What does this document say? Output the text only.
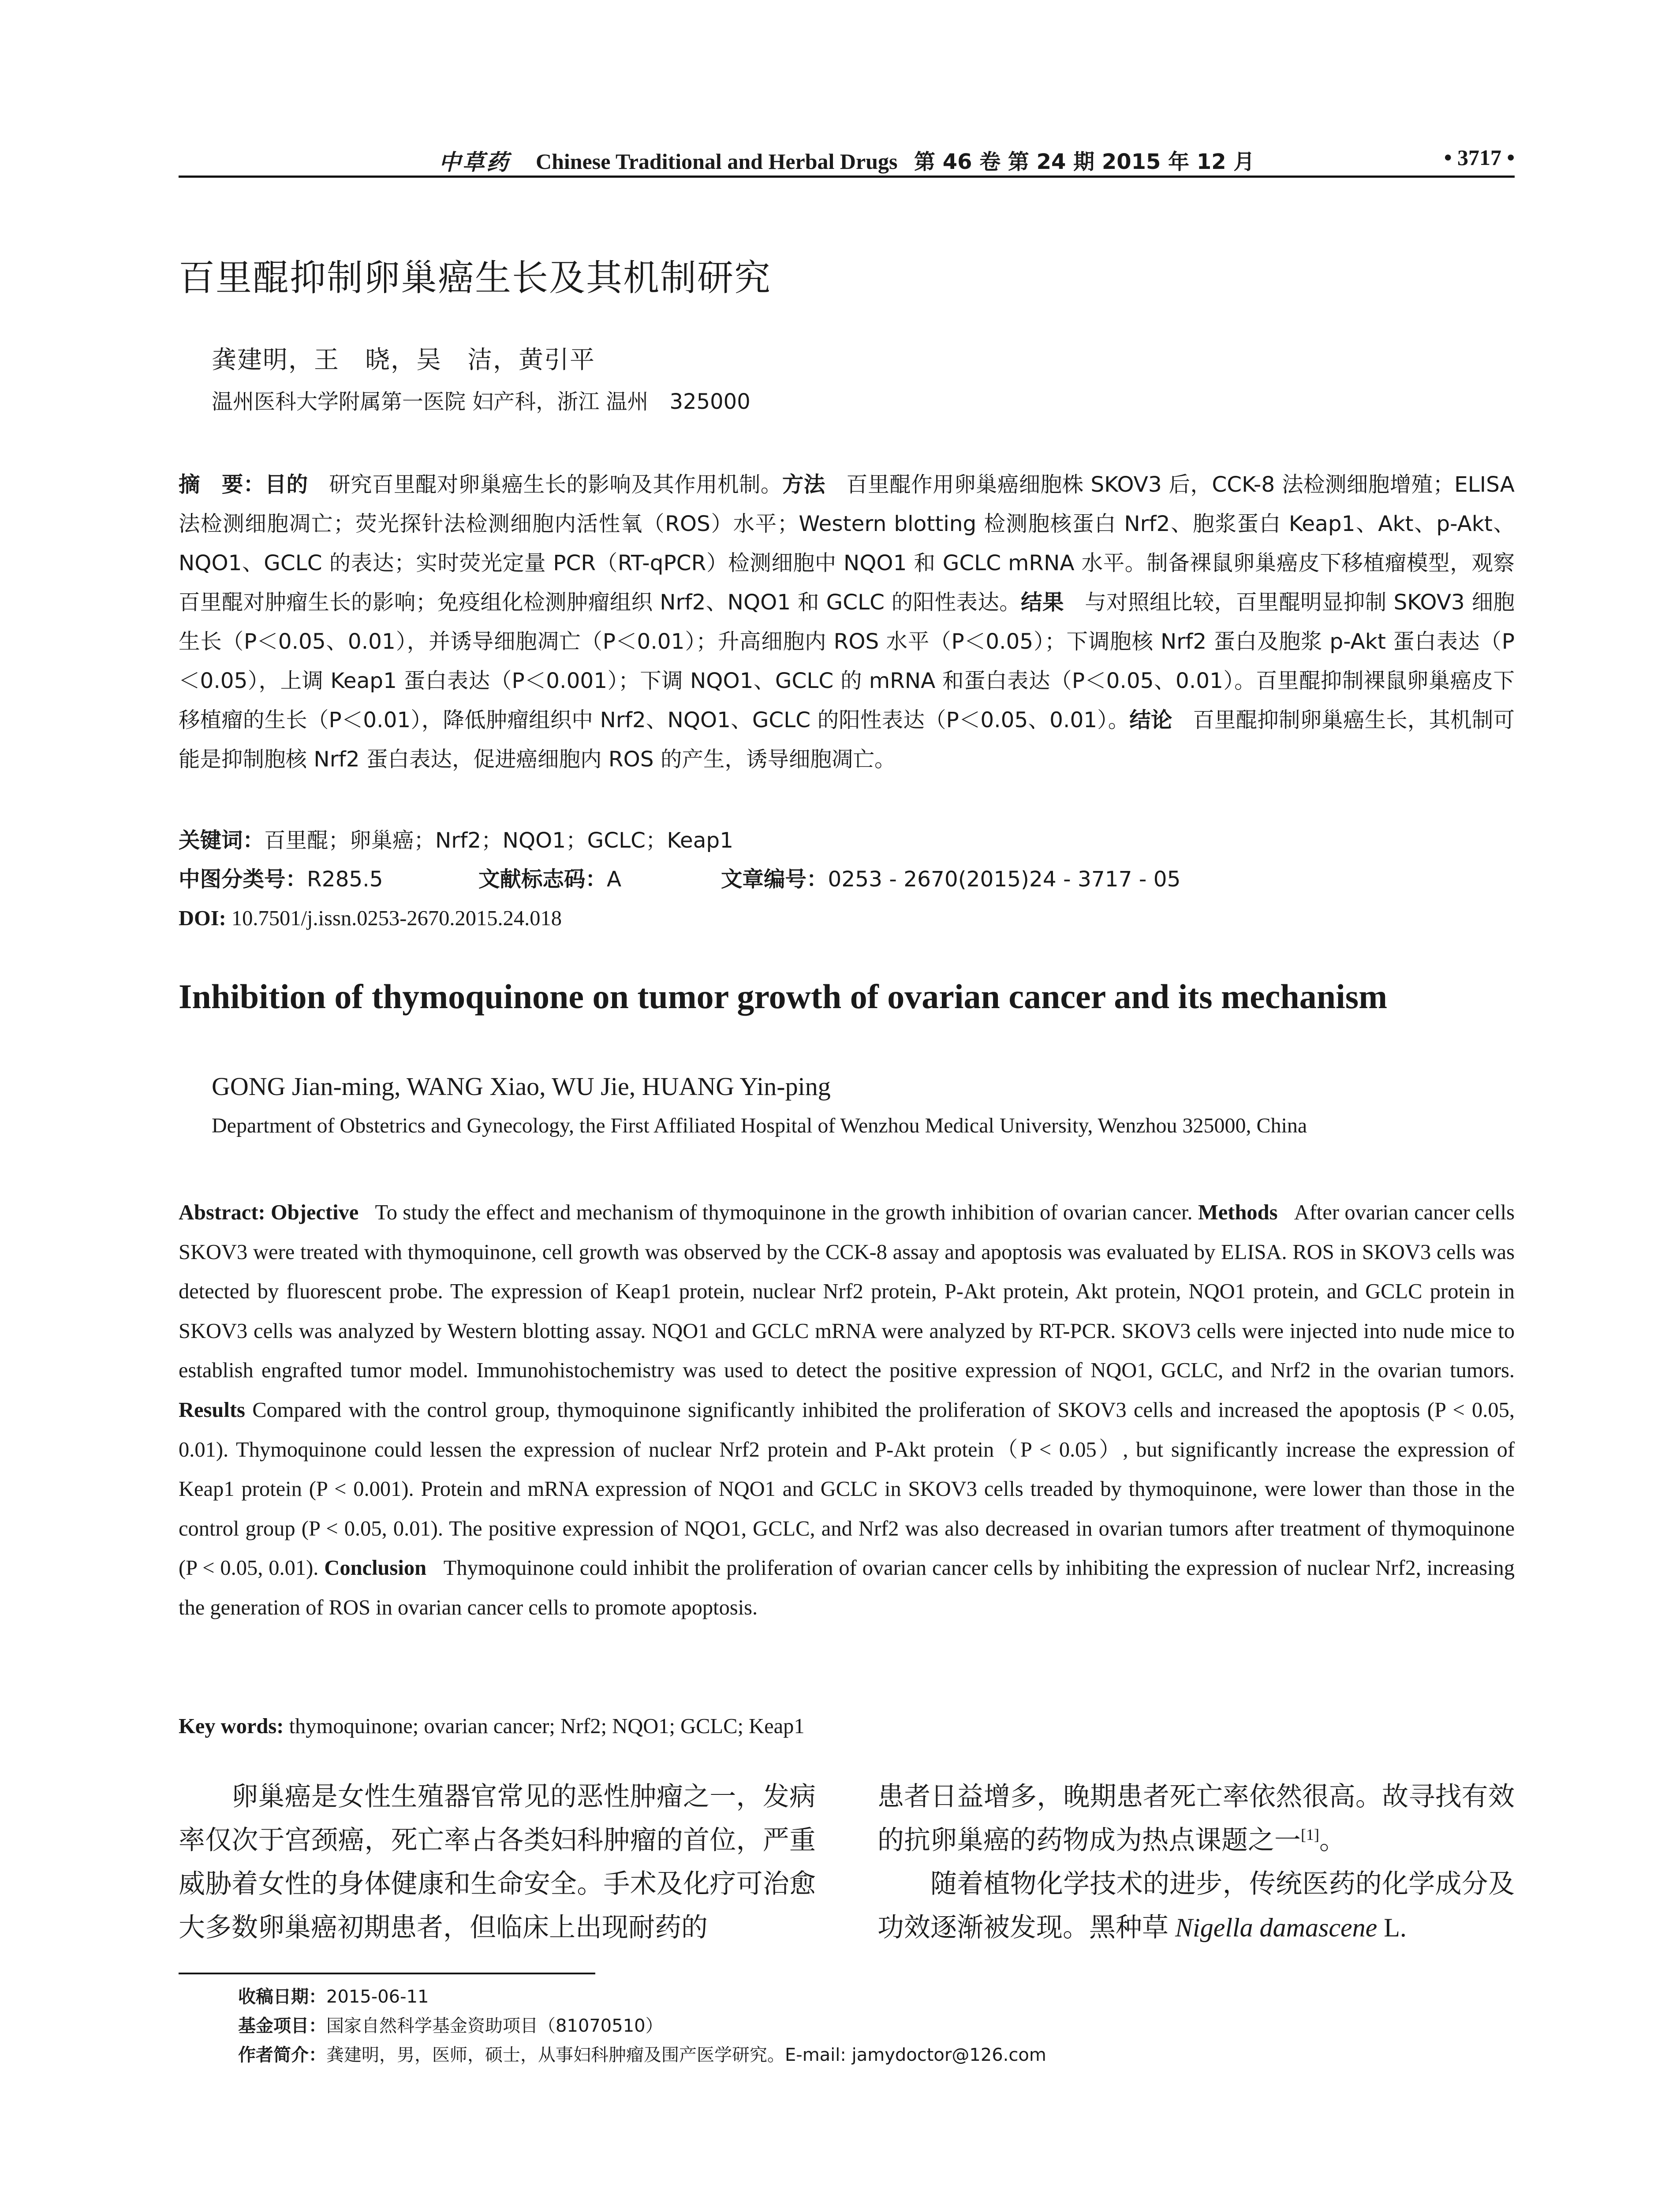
中草药 Chinese Traditional and Herbal Drugs 第 46 卷 第 24 期 2015 年 12 月	• 3717 •
百里醌抑制卵巢癌生长及其机制研究
龚建明，王　晓，吴　洁，黄引平
温州医科大学附属第一医院 妇产科，浙江 温州　325000
摘　要：目的 研究百里醌对卵巢癌生长的影响及其作用机制。方法 百里醌作用卵巢癌细胞株 SKOV3 后，CCK-8 法检测细胞增殖；ELISA 法检测细胞凋亡；荧光探针法检测细胞内活性氧（ROS）水平；Western blotting 检测胞核蛋白 Nrf2、胞浆蛋白 Keap1、Akt、p-Akt、NQO1、GCLC 的表达；实时荧光定量 PCR（RT-qPCR）检测细胞中 NQO1 和 GCLC mRNA 水平。制备裸鼠卵巢癌皮下移植瘤模型，观察百里醌对肿瘤生长的影响；免疫组化检测肿瘤组织 Nrf2、NQO1 和 GCLC 的阳性表达。结果 与对照组比较，百里醌明显抑制 SKOV3 细胞生长（P＜0.05、0.01），并诱导细胞凋亡（P＜0.01）；升高细胞内 ROS 水平（P＜0.05）；下调胞核 Nrf2 蛋白及胞浆 p-Akt 蛋白表达（P＜0.05），上调 Keap1 蛋白表达（P＜0.001）；下调 NQO1、GCLC 的 mRNA 和蛋白表达（P＜0.05、0.01）。百里醌抑制裸鼠卵巢癌皮下移植瘤的生长（P＜0.01），降低肿瘤组织中 Nrf2、NQO1、GCLC 的阳性表达（P＜0.05、0.01）。结论 百里醌抑制卵巢癌生长，其机制可能是抑制胞核 Nrf2 蛋白表达，促进癌细胞内 ROS 的产生，诱导细胞凋亡。
关键词：百里醌；卵巢癌；Nrf2；NQO1；GCLC；Keap1
中图分类号： R285.5	文献标志码： A	文章编号： 0253 - 2670(2015)24 - 3717 - 05
DOI: 10.7501/j.issn.0253-2670.2015.24.018
Inhibition of thymoquinone on tumor growth of ovarian cancer and its mechanism
GONG Jian-ming, WANG Xiao, WU Jie, HUANG Yin-ping
Department of Obstetrics and Gynecology, the First Affiliated Hospital of Wenzhou Medical University, Wenzhou 325000, China
Abstract: Objective To study the effect and mechanism of thymoquinone in the growth inhibition of ovarian cancer. Methods After ovarian cancer cells SKOV3 were treated with thymoquinone, cell growth was observed by the CCK-8 assay and apoptosis was evaluated by ELISA. ROS in SKOV3 cells was detected by fluorescent probe. The expression of Keap1 protein, nuclear Nrf2 protein, P-Akt protein, Akt protein, NQO1 protein, and GCLC protein in SKOV3 cells was analyzed by Western blotting assay. NQO1 and GCLC mRNA were analyzed by RT-PCR. SKOV3 cells were injected into nude mice to establish engrafted tumor model. Immunohistochemistry was used to detect the positive expression of NQO1, GCLC, and Nrf2 in the ovarian tumors. Results Compared with the control group, thymoquinone significantly inhibited the proliferation of SKOV3 cells and increased the apoptosis (P < 0.05, 0.01). Thymoquinone could lessen the expression of nuclear Nrf2 protein and P-Akt protein（P < 0.05）, but significantly increase the expression of Keap1 protein (P < 0.001). Protein and mRNA expression of NQO1 and GCLC in SKOV3 cells treaded by thymoquinone, were lower than those in the control group (P < 0.05, 0.01). The positive expression of NQO1, GCLC, and Nrf2 was also decreased in ovarian tumors after treatment of thymoquinone (P < 0.05, 0.01). Conclusion Thymoquinone could inhibit the proliferation of ovarian cancer cells by inhibiting the expression of nuclear Nrf2, increasing the generation of ROS in ovarian cancer cells to promote apoptosis.
Key words: thymoquinone; ovarian cancer; Nrf2; NQO1; GCLC; Keap1

卵巢癌是女性生殖器官常见的恶性肿瘤之一，发病率仅次于宫颈癌，死亡率占各类妇科肿瘤的首位，严重威胁着女性的身体健康和生命安全。手术及化疗可治愈大多数卵巢癌初期患者，但临床上出现耐药的

患者日益增多，晚期患者死亡率依然很高。故寻找有效的抗卵巢癌的药物成为热点课题之一[1]。

随着植物化学技术的进步，传统医药的化学成分及功效逐渐被发现。黑种草 Nigella damascene L.

收稿日期：2015-06-11
基金项目：国家自然科学基金资助项目（81070510）
作者简介：龚建明，男，医师，硕士，从事妇科肿瘤及围产医学研究。E-mail: jamydoctor@126.com
